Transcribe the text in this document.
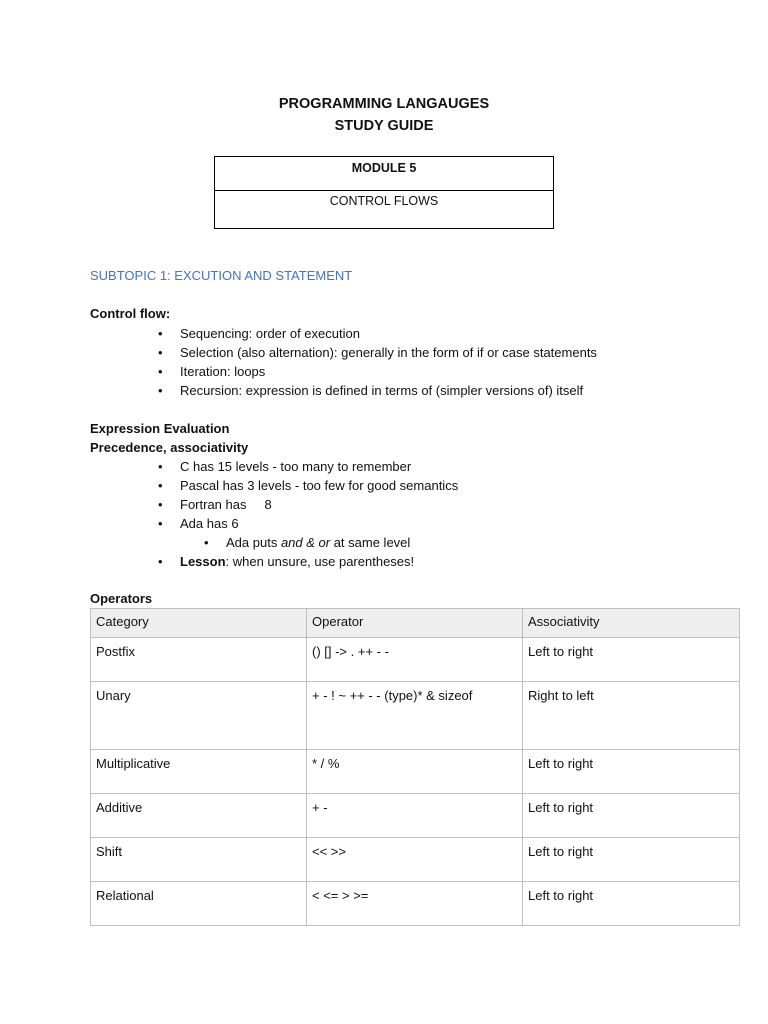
PROGRAMMING LANGAUGES
STUDY GUIDE
MODULE 5
CONTROL FLOWS
SUBTOPIC 1: EXCUTION AND STATEMENT
Control flow:
• Sequencing: order of execution
• Selection (also alternation): generally in the form of if or case statements
• Iteration: loops
• Recursion: expression is defined in terms of (simpler versions of) itself
Expression Evaluation
Precedence, associativity
• C has 15 levels - too many to remember
• Pascal has 3 levels - too few for good semantics
• Fortran has 8
• Ada has 6
• Ada puts and & or at same level
• Lesson: when unsure, use parentheses!
Operators
Category	Operator	Associativity
Postfix	() [] -> . ++ - -	Left to right
Unary	+ - ! ~ ++ - - (type)* & sizeof	Right to left
Multiplicative	* / %	Left to right
Additive	+ -	Left to right
Shift	<< >>	Left to right
Relational	< <= > >=	Left to right
